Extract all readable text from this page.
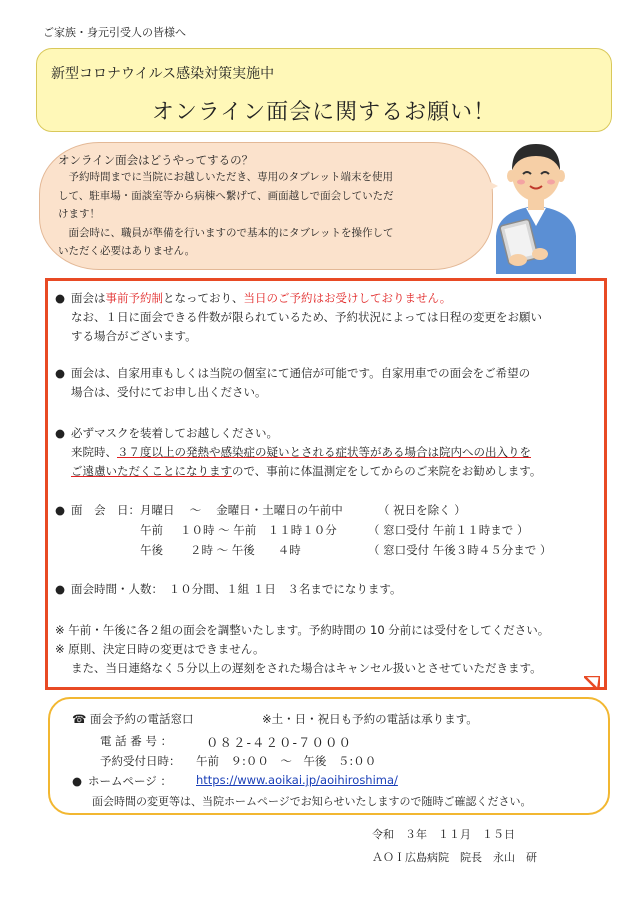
ご家族・身元引受人の皆様へ
新型コロナウイルス感染対策実施中
オンライン面会に関するお願い！
オンライン面会はどうやってするの？
　予約時間までに当院にお越しいただき、専用のタブレット端末を使用
して、駐車場・面談室等から病棟へ繋げて、画面越しで面会していただ
けます！
　面会時に、職員が準備を行いますので基本的にタブレットを操作して
いただく必要はありません。
● 面会は事前予約制となっており、当日のご予約はお受けしておりません。
なお、１日に面会できる件数が限られているため、予約状況によっては日程の変更をお願い
する場合がございます。
● 面会は、自家用車もしくは当院の個室にて通信が可能です。自家用車での面会をご希望の
場合は、受付にてお申し出ください。
● 必ずマスクを装着してお越しください。
来院時、３７度以上の発熱や感染症の疑いとされる症状等がある場合は院内への出入りを
ご遠慮いただくことになりますので、事前に体温測定をしてからのご来院をお勧めします。
● 面　会　日： 月曜日　 〜　 金曜日・土曜日の午前中	（ 祝日を除く ）
午前 １０時 〜 午前　１１時１０分	（ 窓口受付 午前１１時まで ）
午後 ２時 〜 午後　　４時	（ 窓口受付 午後３時４５分まで ）
● 面会時間・人数：　１０分間、１組 １日　３名までになります。
※ 午前・午後に各２組の面会を調整いたします。予約時間の 10 分前には受付をしてください。
※ 原則、決定日時の変更はできません。
また、当日連絡なく５分以上の遅刻をされた場合はキャンセル扱いとさせていただきます。
☎ 面会予約の電話窓口	※土・日・祝日も予約の電話は承ります。
電 話 番 号 ：	０８２-４２０-７０００
予約受付日時： 午前　９:００　〜　午後　５:００
● ホームページ ： https://www.aoikai.jp/aoihiroshima/
面会時間の変更等は、当院ホームページでお知らせいたしますので随時ご確認ください。
令和　３年　１１月　１５日
ＡＯＩ広島病院　院長　永山　研
